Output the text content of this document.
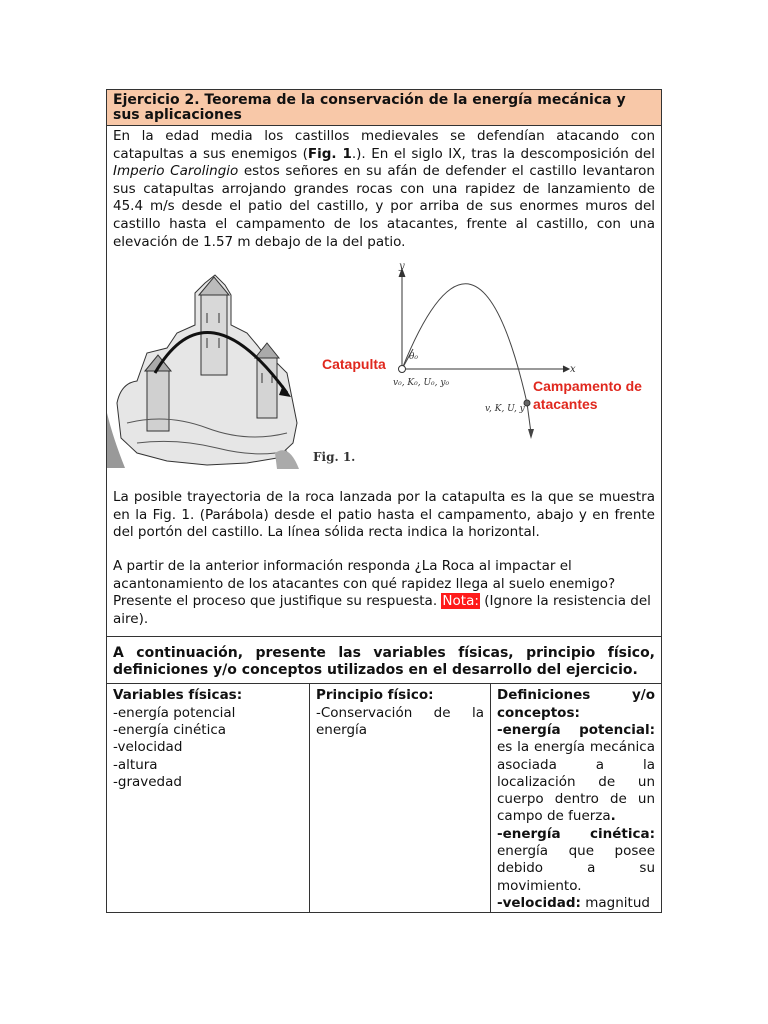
Ejercicio 2. Teorema de la conservación de la energía mecánica y sus aplicaciones

En la edad media los castillos medievales se defendían atacando con catapultas a sus enemigos (Fig. 1.). En el siglo IX, tras la descomposición del Imperio Carolingio estos señores en su afán de defender el castillo levantaron sus catapultas arrojando grandes rocas con una rapidez de lanzamiento de 45.4 m/s desde el patio del castillo, y por arriba de sus enormes muros del castillo hasta el campamento de los atacantes, frente al castillo, con una elevación de 1.57 m debajo de la del patio.

Fig. 1.
y
x
θ₀
v₀, K₀, U₀, y₀
v, K, U, y
Catapulta
Campamento de
atacantes

La posible trayectoria de la roca lanzada por la catapulta es la que se muestra en la Fig. 1. (Parábola) desde el patio hasta el campamento, abajo y en frente del portón del castillo. La línea sólida recta indica la horizontal.

A partir de la anterior información responda ¿La Roca al impactar el acantonamiento de los atacantes con qué rapidez llega al suelo enemigo? Presente el proceso que justifique su respuesta. Nota: (Ignore la resistencia del aire).

A continuación, presente las variables físicas, principio físico, definiciones y/o conceptos utilizados en el desarrollo del ejercicio.
Variables físicas:
-energía potencial
-energía cinética
-velocidad
-altura
-gravedad
Principio físico:
-Conservación de la energía
Definiciones y/o conceptos:
-energía potencial: es la energía mecánica asociada a la localización de un cuerpo dentro de un campo de fuerza.
-energía cinética: energía que posee debido a su movimiento.
-velocidad: magnitud
